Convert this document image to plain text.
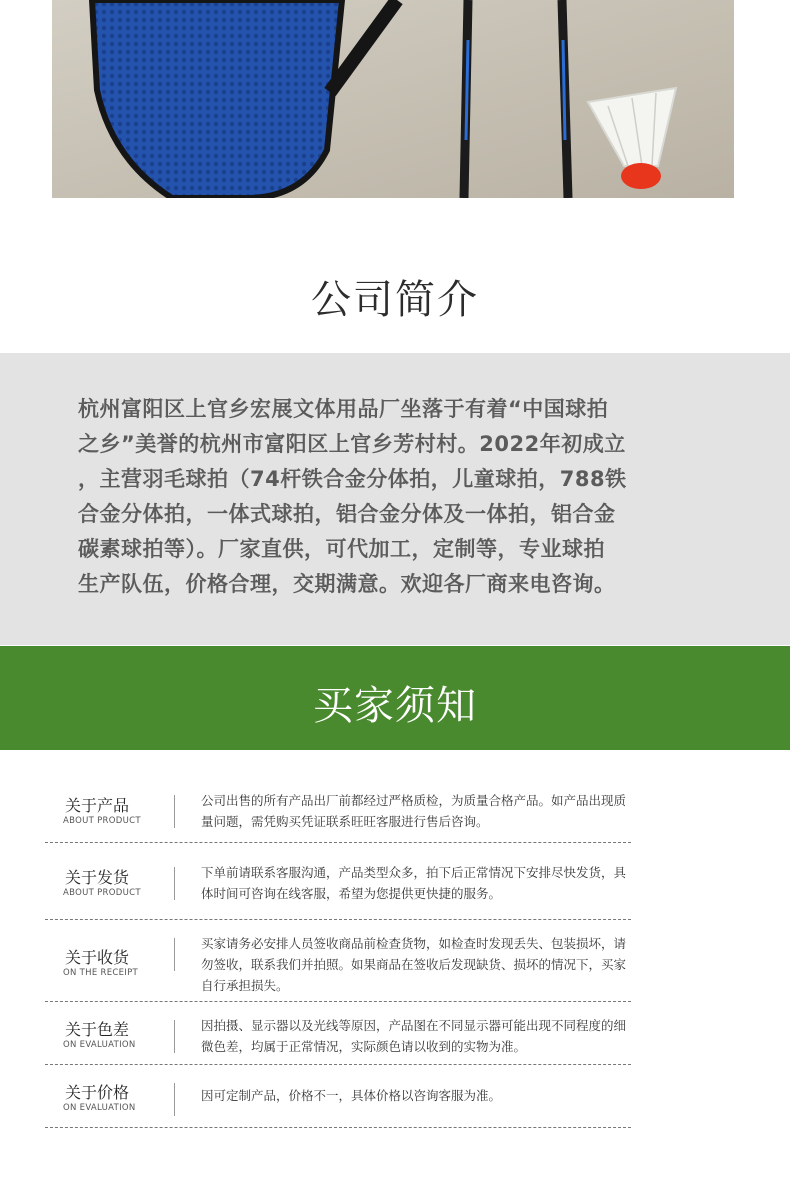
公司简介
杭州富阳区上官乡宏展文体用品厂坐落于有着“中国球拍
之乡”美誉的杭州市富阳区上官乡芳村村。2022年初成立
，主营羽毛球拍（74杆铁合金分体拍，儿童球拍，788铁
合金分体拍，一体式球拍，铝合金分体及一体拍，铝合金
碳素球拍等）。厂家直供，可代加工，定制等，专业球拍
生产队伍，价格合理，交期满意。欢迎各厂商来电咨询。
买家须知
关于产品
ABOUT PRODUCT
公司出售的所有产品出厂前都经过严格质检，为质量合格产品。如产品出现质
量问题，需凭购买凭证联系旺旺客服进行售后咨询。
关于发货
ABOUT PRODUCT
下单前请联系客服沟通，产品类型众多，拍下后正常情况下安排尽快发货，具
体时间可咨询在线客服，希望为您提供更快捷的服务。
关于收货
ON THE RECEIPT
买家请务必安排人员签收商品前检查货物，如检查时发现丢失、包装损坏，请
勿签收，联系我们并拍照。如果商品在签收后发现缺货、损坏的情况下，买家
自行承担损失。
关于色差
ON EVALUATION
因拍摄、显示器以及光线等原因，产品图在不同显示器可能出现不同程度的细
微色差，均属于正常情况，实际颜色请以收到的实物为准。
关于价格
ON EVALUATION
因可定制产品，价格不一，具体价格以咨询客服为准。
